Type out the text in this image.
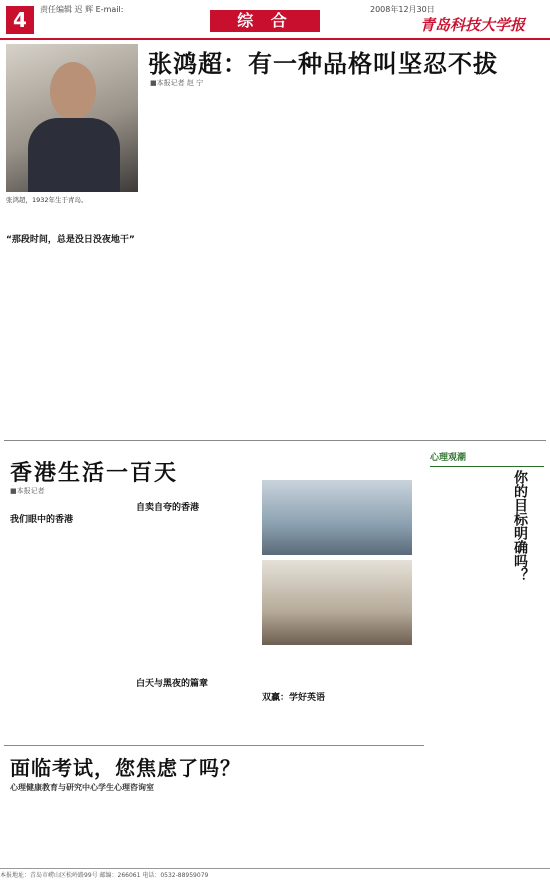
4	责任编辑 迟 辉 E-mail:
综 合
2008年12月30日
青岛科技大学报
张鸿超：有一种品格叫坚忍不拔
■本报记者 赵 宁
张鸿超，1932年生于青岛。
“那段时间，总是没日没夜地干”
香港生活一百天
■本报记者
我们眼中的香港
自卖自夸的香港
白天与黑夜的篇章
双赢：学好英语
心理观潮
你的目标明确吗？
面临考试，您焦虑了吗？
心理健康教育与研究中心学生心理咨询室
本报地址：青岛市崂山区松岭路99号 邮编：266061 电话：0532-88959079
